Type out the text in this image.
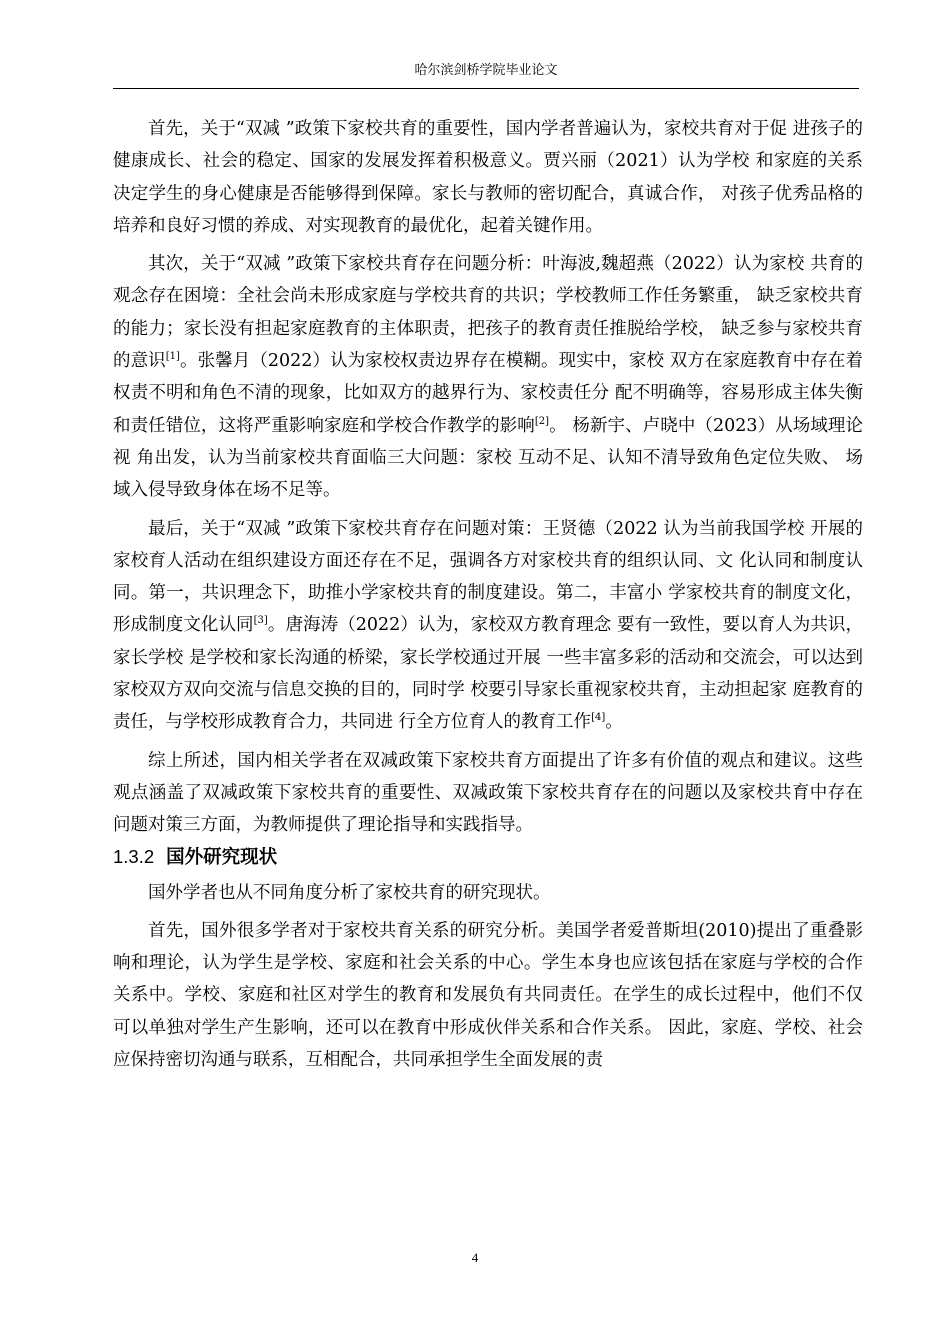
哈尔滨剑桥学院毕业论文

首先，关于“双减 ”政策下家校共育的重要性，国内学者普遍认为，家校共育对于促 进孩子的健康成长、社会的稳定、国家的发展发挥着积极意义。贾兴丽（2021）认为学校 和家庭的关系决定学生的身心健康是否能够得到保障。家长与教师的密切配合，真诚合作， 对孩子优秀品格的培养和良好习惯的养成、对实现教育的最优化，起着关键作用。

其次，关于“双减 ”政策下家校共育存在问题分析：叶海波,魏超燕（2022）认为家校 共育的观念存在困境：全社会尚未形成家庭与学校共育的共识；学校教师工作任务繁重， 缺乏家校共育的能力；家长没有担起家庭教育的主体职责，把孩子的教育责任推脱给学校， 缺乏参与家校共育的意识[1]。张馨月（2022）认为家校权责边界存在模糊。现实中，家校 双方在家庭教育中存在着权责不明和角色不清的现象，比如双方的越界行为、家校责任分 配不明确等，容易形成主体失衡和责任错位，这将严重影响家庭和学校合作教学的影响[2]。 杨新宇、卢晓中（2023）从场域理论视 角出发，认为当前家校共育面临三大问题：家校 互动不足、认知不清导致角色定位失败、 场域入侵导致身体在场不足等。

最后，关于“双减 ”政策下家校共育存在问题对策：王贤德（2022 认为当前我国学校 开展的家校育人活动在组织建设方面还存在不足，强调各方对家校共育的组织认同、文 化认同和制度认同。第一，共识理念下，助推小学家校共育的制度建设。第二，丰富小 学家校共育的制度文化，形成制度文化认同[3]。唐海涛（2022）认为，家校双方教育理念 要有一致性，要以育人为共识，家长学校 是学校和家长沟通的桥梁，家长学校通过开展 一些丰富多彩的活动和交流会，可以达到 家校双方双向交流与信息交换的目的，同时学 校要引导家长重视家校共育，主动担起家 庭教育的责任，与学校形成教育合力，共同进 行全方位育人的教育工作[4]。

综上所述，国内相关学者在双减政策下家校共育方面提出了许多有价值的观点和建议。这些观点涵盖了双减政策下家校共育的重要性、双减政策下家校共育存在的问题以及家校共育中存在问题对策三方面，为教师提供了理论指导和实践指导。

1.3.2 国外研究现状

国外学者也从不同角度分析了家校共育的研究现状。

首先，国外很多学者对于家校共育关系的研究分析。美国学者爱普斯坦(2010)提出了重叠影响和理论，认为学生是学校、家庭和社会关系的中心。学生本身也应该包括在家庭与学校的合作关系中。学校、家庭和社区对学生的教育和发展负有共同责任。在学生的成长过程中，他们不仅可以单独对学生产生影响，还可以在教育中形成伙伴关系和合作关系。 因此，家庭、学校、社会应保持密切沟通与联系，互相配合，共同承担学生全面发展的责

4
